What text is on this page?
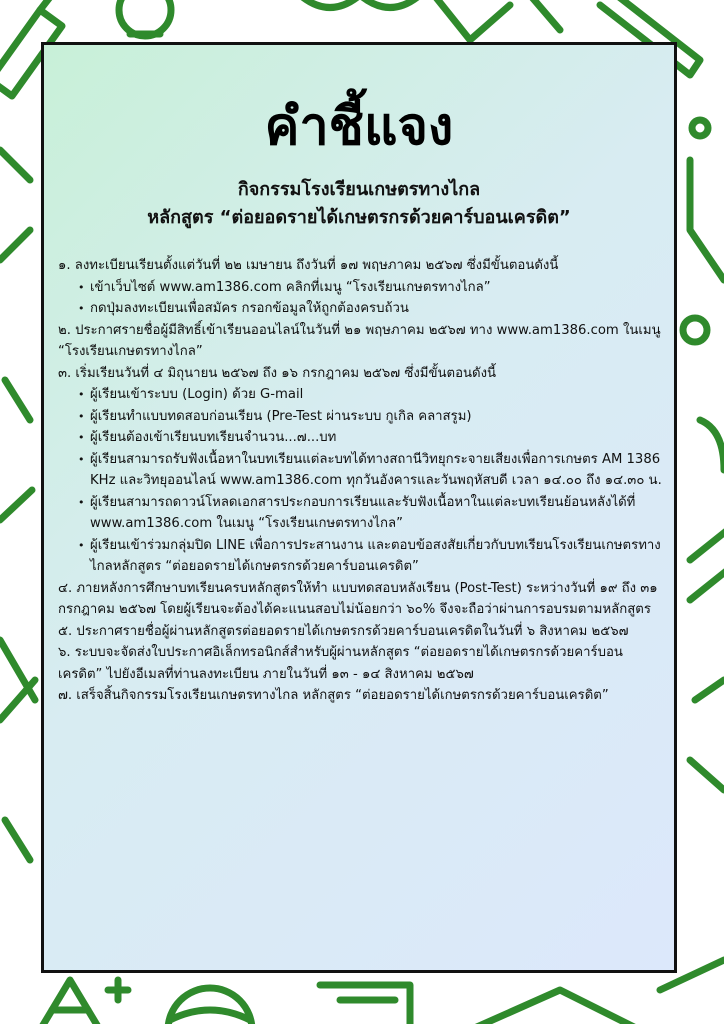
คำชี้แจง
กิจกรรมโรงเรียนเกษตรทางไกล
หลักสูตร “ต่อยอดรายได้เกษตรกรด้วยคาร์บอนเครดิต”

๑. ลงทะเบียนเรียนตั้งแต่วันที่ ๒๒ เมษายน ถึงวันที่ ๑๗ พฤษภาคม ๒๕๖๗ ซึ่งมีขั้นตอนดังนี้

• เข้าเว็บไซต์ www.am1386.com คลิกที่เมนู “โรงเรียนเกษตรทางไกล”
• กดปุ่มลงทะเบียนเพื่อสมัคร กรอกข้อมูลให้ถูกต้องครบถ้วน

๒. ประกาศรายชื่อผู้มีสิทธิ์เข้าเรียนออนไลน์ในวันที่ ๒๑ พฤษภาคม ๒๕๖๗ ทาง www.am1386.com ในเมนู “โรงเรียนเกษตรทางไกล”

๓. เริ่มเรียนวันที่ ๔ มิถุนายน ๒๕๖๗ ถึง ๑๖ กรกฎาคม ๒๕๖๗ ซึ่งมีขั้นตอนดังนี้

• ผู้เรียนเข้าระบบ (Login) ด้วย G-mail
• ผู้เรียนทำแบบทดสอบก่อนเรียน (Pre-Test ผ่านระบบ กูเกิล คลาสรูม)
• ผู้เรียนต้องเข้าเรียนบทเรียนจำนวน...๗...บท
• ผู้เรียนสามารถรับฟังเนื้อหาในบทเรียนแต่ละบทได้ทางสถานีวิทยุกระจายเสียงเพื่อการเกษตร AM 1386 KHz และวิทยุออนไลน์ www.am1386.com ทุกวันอังคารและวันพฤหัสบดี เวลา ๑๔.๐๐ ถึง ๑๔.๓๐ น.
• ผู้เรียนสามารถดาวน์โหลดเอกสารประกอบการเรียนและรับฟังเนื้อหาในแต่ละบทเรียนย้อนหลังได้ที่ www.am1386.com ในเมนู “โรงเรียนเกษตรทางไกล”
• ผู้เรียนเข้าร่วมกลุ่มปิด LINE เพื่อการประสานงาน และตอบข้อสงสัยเกี่ยวกับบทเรียนโรงเรียนเกษตรทางไกลหลักสูตร “ต่อยอดรายได้เกษตรกรด้วยคาร์บอนเครดิต”

๔. ภายหลังการศึกษาบทเรียนครบหลักสูตรให้ทำ แบบทดสอบหลังเรียน (Post-Test) ระหว่างวันที่ ๑๙ ถึง ๓๑ กรกฎาคม ๒๕๖๗ โดยผู้เรียนจะต้องได้คะแนนสอบไม่น้อยกว่า ๖๐% จึงจะถือว่าผ่านการอบรมตามหลักสูตร

๕. ประกาศรายชื่อผู้ผ่านหลักสูตรต่อยอดรายได้เกษตรกรด้วยคาร์บอนเครดิตในวันที่ ๖ สิงหาคม ๒๕๖๗

๖. ระบบจะจัดส่งใบประกาศอิเล็กทรอนิกส์สำหรับผู้ผ่านหลักสูตร “ต่อยอดรายได้เกษตรกรด้วยคาร์บอนเครดิต” ไปยังอีเมลที่ท่านลงทะเบียน ภายในวันที่ ๑๓ - ๑๔ สิงหาคม ๒๕๖๗

๗. เสร็จสิ้นกิจกรรมโรงเรียนเกษตรทางไกล หลักสูตร “ต่อยอดรายได้เกษตรกรด้วยคาร์บอนเครดิต”
